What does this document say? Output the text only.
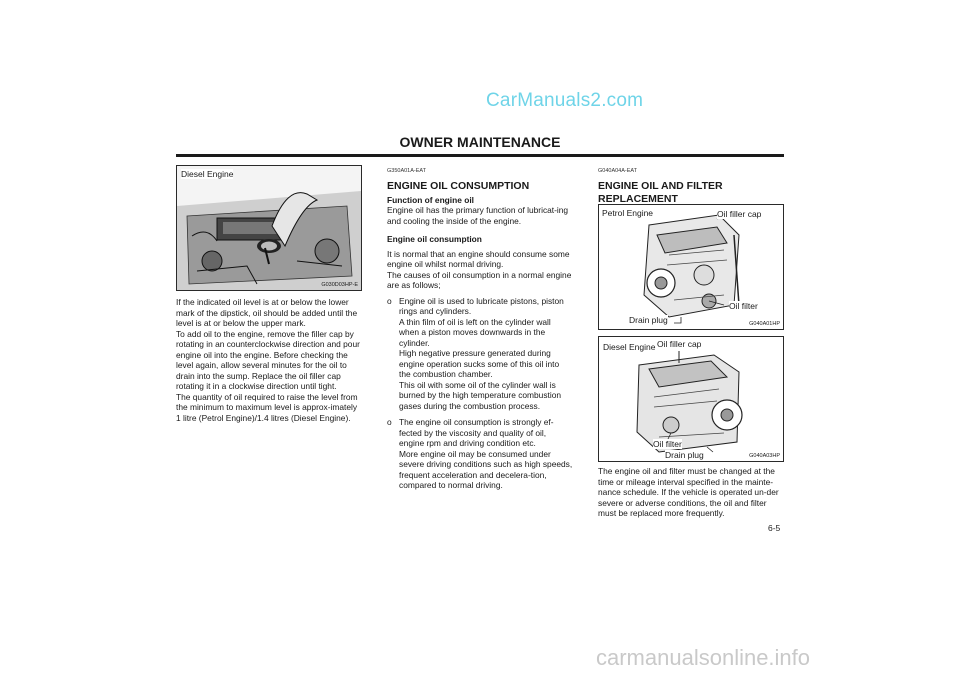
CarManuals2.com
OWNER MAINTENANCE
Diesel Engine
G030D03HP-E

If the indicated oil level is at or below the lower mark of the dipstick, oil should be added until the level is at or below the upper mark.

To add oil to the engine, remove the filler cap by rotating in an counterclockwise direction and pour engine oil into the engine. Before checking the level again, allow several minutes for the oil to drain into the sump. Replace the oil filler cap rotating it in a clockwise direction until tight.

The quantity of oil required to raise the level from the minimum to maximum level is approx-imately 1 litre (Petrol Engine)/1.4 litres (Diesel Engine).

G350A01A-EAT
ENGINE OIL CONSUMPTION
Function of engine oil

Engine oil has the primary function of lubricat-ing and cooling the inside of the engine.

Engine oil consumption

It is normal that an engine should consume some engine oil whilst normal driving.

The causes of oil consumption in a normal engine are as follows;

o Engine oil is used to lubricate pistons, piston rings and cylinders.
A thin film of oil is left on the cylinder wall when a piston moves downwards in the cylinder.
High negative pressure generated during engine operation sucks some of this oil into the combustion chamber.
This oil with some oil of the cylinder wall is burned by the high temperature combustion gases during the combustion process.
o The engine oil consumption is strongly ef-fected by the viscosity and quality of oil, engine rpm and driving condition etc.
More engine oil may be consumed under severe driving conditions such as high speeds, frequent acceleration and decelera-tion, compared to normal driving.
G040A04A-EAT
ENGINE OIL AND FILTER
REPLACEMENT
Petrol Engine	Oil filler cap
Oil filter
Drain plug	G040A01HP
Diesel Engine Oil filler cap
Oil filter
Drain plug	G040A03HP

The engine oil and filter must be changed at the time or mileage interval specified in the mainte-nance schedule. If the vehicle is operated un-der severe or adverse conditions, the oil and filter must be replaced more frequently.

6-5
carmanualsonline.info
